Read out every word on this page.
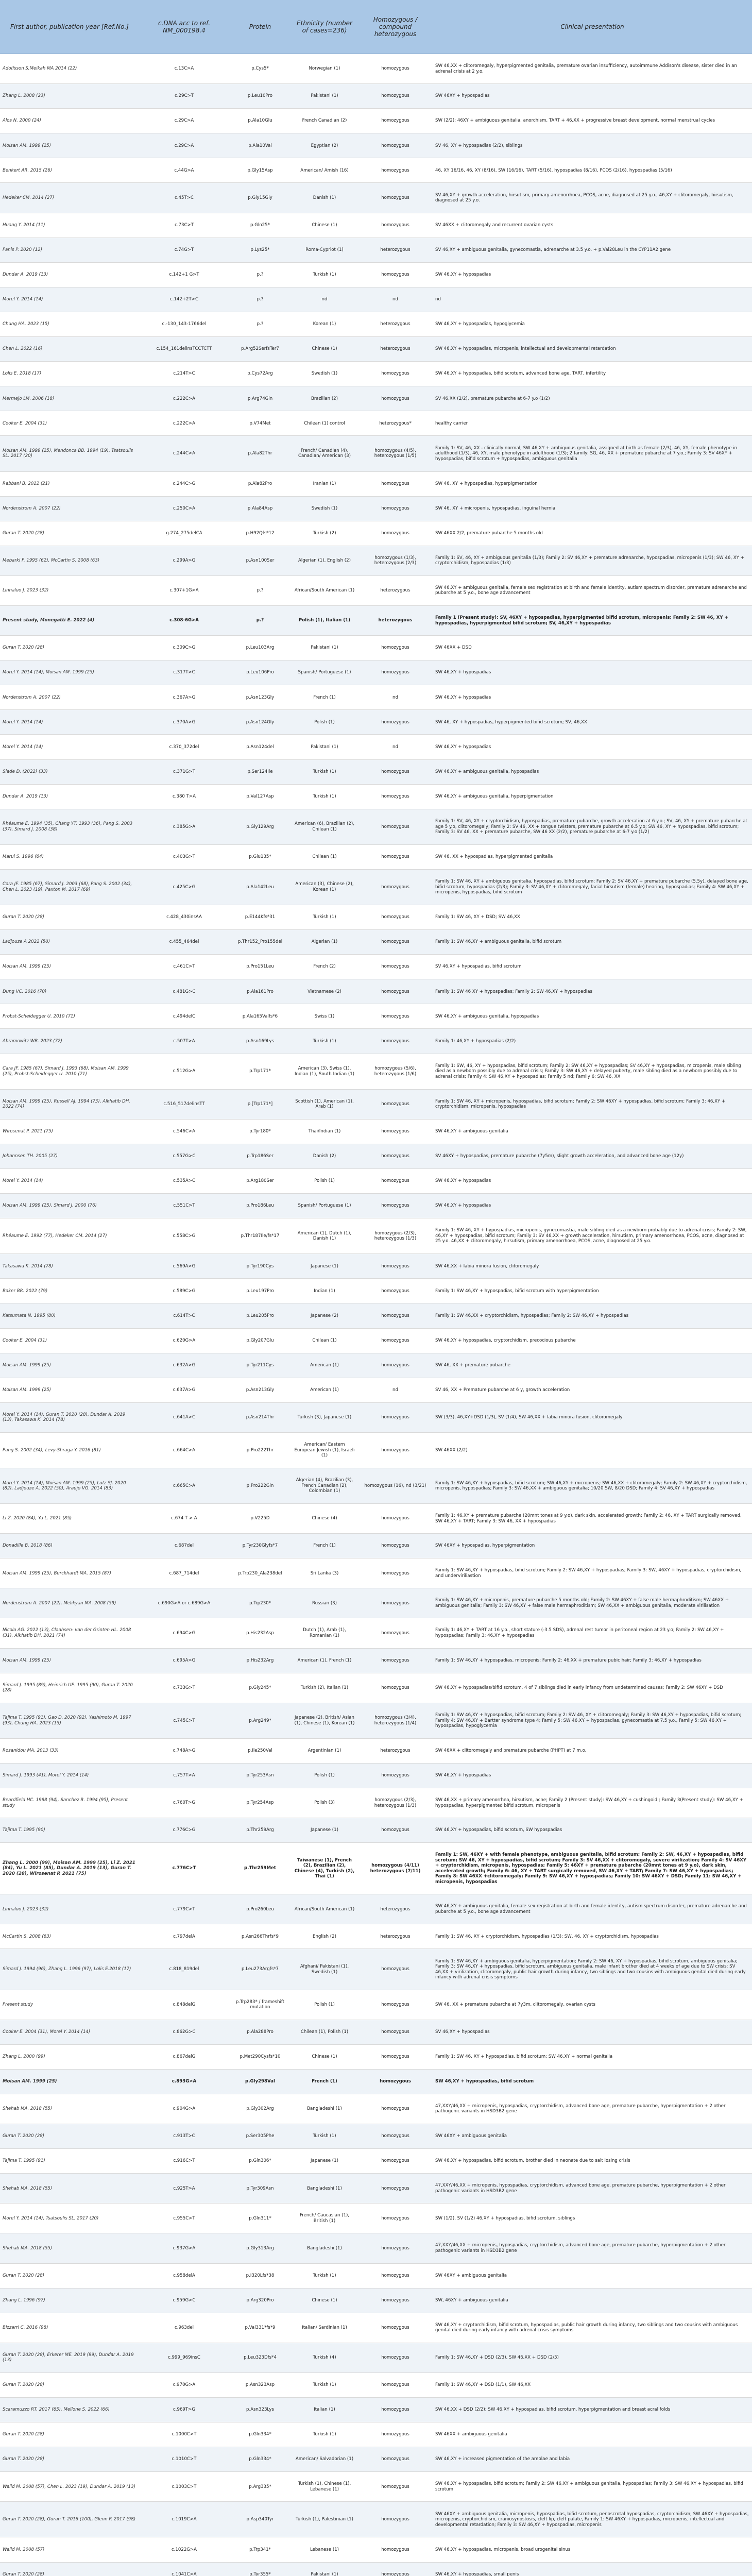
First author, publication year [Ref.No.]	c.DNA acc to ref. NM_000198.4	Protein	Ethnicity (number of cases=236)	Homozygous / compound heterozygous	Clinical presentation
Adolfsson S,Meikah MA 2014 (22)	c.13C>A	p.Cys5*	Norwegian (1)	homozygous	SW 46,XX + clitoromegaly, hyperpigmented genitalia, premature ovarian insufficiency, autoimmune Addison's disease, sister died in an adrenal crisis at 2 y.o.
Zhang L. 2008 (23)	c.29C>T	p.Leu10Pro	Pakistani (1)	homozygous	SW 46XY + hypospadias
Alos N. 2000 (24)	c.29C>A	p.Ala10Glu	French Canadian (2)	homozygous	SW (2/2); 46XY + ambiguous genitalia, anorchism, TART + 46,XX + progressive breast development, normal menstrual cycles
Moisan AM. 1999 (25)	c.29C>A	p.Ala10Val	Egyptian (2)	homozygous	SV 46, XY + hypospadias (2/2), siblings
Benkert AR. 2015 (26)	c.44G>A	p.Gly15Asp	American/ Amish (16)	homozygous	46, XY 16/16, 46, XY (8/16), SW (16/16), TART (5/16), hypospadias (8/16), PCOS (2/16), hypospadias (5/16)
Hedeker CM. 2014 (27)	c.45T>C	p.Gly15Gly	Danish (1)	homozygous	SV 46,XY + growth acceleration, hirsutism, primary amenorrhoea, PCOS, acne, diagnosed at 25 y.o., 46,XY + clitoromegaly, hirsutism, diagnosed at 25 y.o.
Huang Y. 2014 (11)	c.73C>T	p.Gln25*	Chinese (1)	homozygous	SV 46XX + clitoromegaly and recurrent ovarian cysts
Fanis P. 2020 (12)	c.74G>T	p.Lys25*	Roma-Cypriot (1)	heterozygous	SV 46,XY + ambiguous genitalia, gynecomastia, adrenarche at 3.5 y.o. + p.Val28Leu in the CYP11A2 gene
Dundar A. 2019 (13)	c.142+1 G>T	p.?	Turkish (1)	homozygous	SW 46,XY + hypospadias
Morel Y. 2014 (14)	c.142+2T>C	p.?	nd	nd	nd
Chung HA. 2023 (15)	c.-130_143-1766del	p.?	Korean (1)	heterozygous	SW 46,XY + hypospadias, hypoglycemia
Chen L. 2022 (16)	c.154_161delinsTCCTCTT	p.Arg52SerfsTer7	Chinese (1)	heterozygous	SW 46,XY + hypospadias, micropenis, intellectual and developmental retardation
Lolis E. 2018 (17)	c.214T>C	p.Cys72Arg	Swedish (1)	homozygous	SW 46,XY + hypospadias, bifid scrotum, advanced bone age, TART, infertility
Mermejo LM. 2006 (18)	c.222C>A	p.Arg74Gln	Brazilian (2)	homozygous	SV 46,XX (2/2), premature pubarche at 6-7 y.o (1/2)
Cooker E. 2004 (31)	c.222C>A	p.V74Met	Chilean (1) control	heterozygous*	healthy carrier
Moisan AM. 1999 (25), Mendonca BB. 1994 (19), Tsatsoulis SL. 2017 (20)	c.244C>A	p.Ala82Thr	French/ Canadian (4), Canadian/ American (3)	homozygous (4/5), heterozygous (1/5)	Family 1: SV, 46, XX - clinically normal; SW 46,XY + ambiguous genitalia, assigned at birth as female (2/3), 46, XY, female phenotype in adulthood (1/3), 46, XY, male phenotype in adulthood (1/3); 2 family: SG, 46, XX + premature pubarche at 7 y.o.; Family 3: SV 46XY + hypospadias, bifid scrotum + hypospadias, ambiguous genitalia
Rabbani B. 2012 (21)	c.244C>G	p.Ala82Pro	Iranian (1)	homozygous	SW 46, XY + hypospadias, hyperpigmentation
Nordenstrom A. 2007 (22)	c.250C>A	p.Ala84Asp	Swedish (1)	homozygous	SW 46, XY + micropenis, hypospadias, inguinal hernia
Guran T. 2020 (28)	g.274_275delCA	p.H92Qfs*12	Turkish (2)	homozygous	SW 46XX 2/2, premature pubarche 5 months old
Mebarki F. 1995 (62), McCartin S. 2008 (63)	c.299A>G	p.Asn100Ser	Algerian (1), English (2)	homozygous (1/3), heterozygous (2/3)	Family 1: SV, 46, XY + ambiguous genitalia (1/3); Family 2: SV 46,XY + premature adrenarche, hypospadias, micropenis (1/3); SW 46, XY + cryptorchidism, hypospadias (1/3)
Linnaluo J. 2023 (32)	c.307+1G>A	p.?	African/South American (1)	heterozygous	SW 46,XY + ambiguous genitalia, female sex registration at birth and female identity, autism spectrum disorder, premature adrenarche and pubarche at 5 y.o., bone age advancement
Present study, Monegatti E. 2022 (4)	c.308-6G>A	p.?	Polish (1), Italian (1)	heterozygous	Family 1 (Present study): SV, 46XY + hypospadias, hyperpigmented bifid scrotum, micropenis; Family 2: SW 46, XY + hypospadias, hyperpigmented bifid scrotum; SV, 46,XY + hypospadias
Guran T. 2020 (28)	c.309C>G	p.Leu103Arg	Pakistani (1)	homozygous	SW 46XX + DSD
Morel Y. 2014 (14), Moisan AM. 1999 (25)	c.317T>C	p.Leu106Pro	Spanish/ Portuguese (1)	homozygous	SW 46,XY + hypospadias
Nordenstrom A. 2007 (22)	c.367A>G	p.Asn123Gly	French (1)	nd	SW 46,XY + hypospadias
Morel Y. 2014 (14)	c.370A>G	p.Asn124Gly	Polish (1)	homozygous	SW 46, XY + hypospadias, hyperpigmented bifid scrotum; SV, 46,XX
Morel Y. 2014 (14)	c.370_372del	p.Asn124del	Pakistani (1)	nd	SW 46,XY + hypospadias
Slade D. (2022) (33)	c.371G>T	p.Ser124Ile	Turkish (1)	homozygous	SW 46,XY + ambiguous genitalia, hypospadias
Dundar A. 2019 (13)	c.380 T>A	p.Val127Asp	Turkish (1)	homozygous	SW 46,XY + ambiguous genitalia, hyperpigmentation
Rhéaume E. 1994 (35), Chang YT. 1993 (36), Pang S. 2003 (37), Simard J. 2008 (38)	c.385G>A	p.Gly129Arg	American (6), Brazilian (2), Chilean (1)	homozygous	Family 1: SV, 46, XY + cryptorchidism, hypospadias, premature pubarche, growth acceleration at 6 y.o.; SV, 46, XY + premature pubarche at age 5 y.o, clitoromegaly; Family 2: SV 46, XX + tongue twisters, premature pubarche at 6.5 y.o; SW 46, XY + hypospadias, bifid scrotum; Family 3: SV 46, XX + premature pubarche, SW 46 XX (2/2), premature pubarche at 6-7 y.o (1/2)
Marui S. 1996 (64)	c.403G>T	p.Glu135*	Chilean (1)	homozygous	SW 46, XX + hypospadias, hyperpigmented genitalia
Cara JF. 1985 (67), Simard J. 2003 (68), Pang S. 2002 (34), Chen L. 2023 (19), Paxton M. 2017 (69)	c.425C>G	p.Ala142Leu	American (3), Chinese (2), Korean (1)	homozygous	Family 1: SW 46, XY + ambiguous genitalia, hypospadias, bifid scrotum; Family 2: SV 46,XY + premature pubarche (5.5y), delayed bone age, bifid scrotum, hypospadias (2/3); Family 3: SV 46,XY + clitoromegaly, facial hirsutism (female) hearing, hypospadias; Family 4: SW 46,XY + micropenis, hypospadias, bifid scrotum
Guran T. 2020 (28)	c.428_430insAA	p.E144Kfs*31	Turkish (1)	homozygous	Family 1: SW 46, XY + DSD; SW 46,XX
Ladjouze A 2022 (50)	c.455_464del	p.Thr152_Pro155del	Algerian (1)	homozygous	Family 1: SW 46,XY + ambiguous genitalia, bifid scrotum
Moisan AM. 1999 (25)	c.461C>T	p.Pro151Leu	French (2)	homozygous	SV 46,XY + hypospadias, bifid scrotum
Dung VC. 2016 (70)	c.481G>C	p.Ala161Pro	Vietnamese (2)	homozygous	Family 1: SW 46 XY + hypospadias; Family 2: SW 46,XY + hypospadias
Probst-Scheidegger U. 2010 (71)	c.494delC	p.Ala165Valfs*6	Swiss (1)	homozygous	SW 46,XY + ambiguous genitalia, hypospadias
Abramowitz WB. 2023 (72)	c.507T>A	p.Asn169Lys	Turkish (1)	homozygous	Family 1: 46,XY + hypospadias (2/2)
Cara JF. 1985 (67), Simard J. 1993 (68), Moisan AM. 1999 (25), Probst-Scheidegger U. 2010 (71)	c.512G>A	p.Trp171*	American (3), Swiss (1), Indian (1), South Indian (1)	homozygous (5/6), heterozygous (1/6)	Family 1: SW, 46, XY + hypospadias, bifid scrotum; Family 2: SW 46,XY + hypospadias; SV 46,XY + hypospadias, micropenis, male sibling died as a newborn possibly due to adrenal crisis; Family 3: SW 46,XY + delayed puberty, male sibling died as a newborn possibly due to adrenal crisis; Family 4: SW 46,XY + hypospadias; Family 5 nd; Family 6: SW 46, XX
Moisan AM. 1999 (25), Russell AJ. 1994 (73), Alkhatib DH. 2022 (74)	c.516_517delinsTT	p.[Trp171*]	Scottish (1), American (1), Arab (1)	homozygous	Family 1: SW 46, XY + micropenis, hypospadias, bifid scrotum; Family 2: SW 46XY + hypospadias, bifid scrotum; Family 3: 46,XY + cryptorchidism, micropenis, hypospadias
Wirosenat P. 2021 (75)	c.546C>A	p.Tyr180*	Thai/Indian (1)	homozygous	SW 46,XY + ambiguous genitalia
Johannsen TH. 2005 (27)	c.557G>C	p.Trp186Ser	Danish (2)	homozygous	SV 46XY + hypospadias, premature pubarche (7y5m), slight growth acceleration, and advanced bone age (12y)
Morel Y. 2014 (14)	c.535A>C	p.Arg180Ser	Polish (1)	homozygous	SW 46,XY + hypospadias
Moisan AM. 1999 (25), Simard J. 2000 (76)	c.551C>T	p.Pro186Leu	Spanish/ Portuguese (1)	homozygous	SW 46,XY + hypospadias
Rhéaume E. 1992 (77), Hedeker CM. 2014 (27)	c.558C>G	p.Thr187Ile/fs*17	American (1), Dutch (1), Danish (1)	homozygous (2/3), heterozygous (1/3)	Family 1: SW 46, XY + hypospadias, micropenis, gynecomastia, male sibling died as a newborn probably due to adrenal crisis; Family 2: SW, 46,XY + hypospadias, bifid scrotum; Family 3: SV 46,XX + growth acceleration, hirsutism, primary amenorrhoea, PCOS, acne, diagnosed at 25 y.o. 46,XX + clitoromegaly, hirsutism, primary amenorrhoea, PCOS, acne, diagnosed at 25 y.o.
Takasawa K. 2014 (78)	c.569A>G	p.Tyr190Cys	Japanese (1)	homozygous	SW 46,XX + labia minora fusion, clitoromegaly
Baker BR. 2022 (79)	c.589C>G	p.Leu197Pro	Indian (1)	homozygous	Family 1: SW 46,XY + hypospadias, bifid scrotum with hyperpigmentation
Katsumata N. 1995 (80)	c.614T>C	p.Leu205Pro	Japanese (2)	homozygous	Family 1: SW 46,XX + cryptorchidism, hypospadias; Family 2: SW 46,XY + hypospadias
Cooker E. 2004 (31)	c.620G>A	p.Gly207Glu	Chilean (1)	homozygous	SW 46,XY + hypospadias, cryptorchidism, precocious pubarche
Moisan AM. 1999 (25)	c.632A>G	p.Tyr211Cys	American (1)	homozygous	SW 46, XX + premature pubarche
Moisan AM. 1999 (25)	c.637A>G	p.Asn213Gly	American (1)	nd	SV 46, XX + Premature pubarche at 6 y, growth acceleration
Morel Y. 2014 (14), Guran T. 2020 (28), Dundar A. 2019 (13), Takasawa K. 2014 (78)	c.641A>C	p.Asn214Thr	Turkish (3), Japanese (1)	homozygous	SW (3/3), 46,XY+DSD (1/3), SV (1/4), SW 46,XX + labia minora fusion, clitoromegaly
Pang S. 2002 (34), Levy-Shraga Y. 2016 (81)	c.664C>A	p.Pro222Thr	American/ Eastern European Jewish (1), Israeli (1)	homozygous	SW 46XX (2/2)
Morel Y. 2014 (14), Moisan AM. 1999 (25), Lutz SJ. 2020 (82), Ladjouze A. 2022 (50), Araujo VG. 2014 (83)	c.665C>A	p.Pro222Gln	Algerian (4), Brazilian (3), French Canadian (2), Colombian (1)	homozygous (16), nd (3/21)	Family 1: SW 46,XY + hypospadias, bifid scrotum; SW 46,XY + micropenis; SW 46,XX + clitoromegaly; Family 2: SW 46,XY + cryptorchidism, micropenis, hypospadias; Family 3: SW 46,XX + ambiguous genitalia; 10/20 SW, 8/20 DSD; Family 4: SV 46,XY + hypospadias
Li Z. 2020 (84), Yu L. 2021 (85)	c.674 T > A	p.V225D	Chinese (4)	homozygous	Family 1: 46,XY + premature pubarche (20mnt tones at 9 y.o), dark skin, accelerated growth; Family 2: 46, XY + TART surgically removed, SW 46,XY + TART; Family 3: SW 46, XX + hypospadias
Donadille B. 2018 (86)	c.687del	p.Tyr230Glyfs*7	French (1)	homozygous	SW 46XY + hypospadias, hyperpigmentation
Moisan AM. 1999 (25), Burckhardt MA. 2015 (87)	c.687_714del	p.Trp230_Ala238del	Sri Lanka (3)	homozygous	Family 1: SW 46,XY + hypospadias, bifid scrotum; Family 2: SW 46,XY + hypospadias; Family 3: SW, 46XY + hypospadias, cryptorchidism, and underviriliastion
Nordenstrom A. 2007 (22), Melikyan MA. 2008 (59)	c.690G>A or c.689G>A	p.Trp230*	Russian (3)	homozygous	Family 1: SW 46,XY + micropenis, premature pubarche 5 months old; Family 2: SW 46XY + false male hermaphroditism; SW 46XX + ambiguous genitalia; Family 3: SW 46,XY + false male hermaphroditism; SW 46,XX + ambiguous genitalia, moderate virilisation
Nicola AG. 2022 (13), Claahsen- van der Grinten HL. 2008 (31), Alkhatib DH. 2021 (74)	c.694C>G	p.His232Asp	Dutch (1), Arab (1), Romanian (1)	homozygous	Family 1: 46,XY + TART at 16 y.o., short stature (-3.5 SDS), adrenal rest tumor in peritoneal region at 23 y.o; Family 2: SW 46,XY + hypospadias; Family 3: 46,XY + hypospadias
Moisan AM. 1999 (25)	c.695A>G	p.His232Arg	American (1), French (1)	homozygous	Family 1: SW 46,XY + hypospadias, micropenis; Family 2: 46,XX + premature pubic hair; Family 3: 46,XY + hypospadias
Simard J. 1995 (89), Heinrich UE. 1995 (90), Guran T. 2020 (28)	c.733G>T	p.Gly245*	Turkish (2), Italian (1)	homozygous	SW 46,XY + hypospadias/bifid scrotum, 4 of 7 siblings died in early infancy from undetermined causes; Family 2: SW 46XY + DSD
Tajima T. 1995 (91), Gao D. 2020 (92), Yashimoto M. 1997 (93), Chung HA. 2023 (15)	c.745C>T	p.Arg249*	Japanese (2), British/ Asian (1), Chinese (1), Korean (1)	homozygous (3/4), heterozygous (1/4)	Family 1: SW 46,XY + hypospadias, bifid scrotum; Family 2: SW 46, XY + clitoromegaly; Family 3: SW 46,XY + hypospadias, bifid scrotum; Family 4: SW 46,XY + Bartter syndrome type 4; Family 5: SW 46,XY + hypospadias, gynecomastia at 7.5 y.o., Family 5: SW 46,XY + hypospadias, hypoglycemia
Rosanidou MA. 2013 (33)	c.748A>G	p.Ile250Val	Argentinian (1)	heterozygous	SW 46XX + clitoromegaly and premature pubarche (PHPT) at 7 m.o.
Simard J. 1993 (41), Morel Y. 2014 (14)	c.757T>A	p.Tyr253Asn	Polish (1)	homozygous	SW 46,XY + hypospadias
Beardfield HC. 1998 (94), Sanchez R. 1994 (95), Present study	c.760T>G	p.Tyr254Asp	Polish (3)	homozygous (2/3), heterozygous (1/3)	SW 46,XX + primary amenorrhea, hirsutism, acne; Family 2 (Present study): SW 46,XY + cushingoid ; Family 3(Present study): SW 46,XY + hypospadias, hyperpigmented bifid scrotum, micropenis
Tajima T. 1995 (90)	c.776C>G	p.Thr259Arg	Japanese (1)	homozygous	SW 46,XY + hypospadias, bifid scrotum, SW hypospadias
Zhang L. 2000 (99), Moisan AM. 1999 (25), Li Z. 2021 (84), Yu L. 2021 (85), Dundar A. 2019 (13), Guran T. 2020 (28), Wirosenat P. 2021 (75)	c.776C>T	p.Thr259Met	Taiwanese (1), French (2), Brazilian (2), Chinese (4), Turkish (2), Thai (1)	homozygous (4/11) heterozygous (7/11)	Family 1: SW, 46XY + with female phenotype, ambiguous genitalia, bifid scrotum; Family 2: SW, 46,XY + hypospadias, bifid scrotum; SW 46, XY + hypospadias, bifid scrotum; Family 3: SV 46,XX + clitoromegaly, severe virilization; Family 4: SV 46XY + cryptorchidism, micropenis, hypospadias; Family 5: 46XY + premature pubarche (20mnt tones at 9 y.o), dark skin, accelerated growth; Family 6: 46, XY + TART surgically removed, SW 46,XY + TART; Family 7: SW 46,XY + hypospadias; Family 8: SW 46XX +clitoromegaly; Family 9: SW 46,XY + hypospadias; Family 10: SW 46XY + DSD; Family 11: SW 46,XY + micropenis, hypospadias
Linnaluo J. 2023 (32)	c.779C>T	p.Pro260Leu	African/South American (1)	heterozygous	SW 46,XY + ambiguous genitalia, female sex registration at birth and female identity, autism spectrum disorder, premature adrenarche and pubarche at 5 y.o., bone age advancement
McCartin S. 2008 (63)	c.797delA	p.Asn266Thrfs*9	English (2)	heterozygous	Family 1: SW 46, XY + cryptorchidism, hypospadias (1/3); SW, 46, XY + cryptorchidism, hypospadias
Simard J. 1994 (96), Zhang L. 1996 (97), Lolis E.2018 (17)	c.818_819del	p.Leu273Argfs*7	Afghani/ Pakistani (1), Swedish (1)	homozygous	Family 1: SW 46,XY + ambiguous genitalia, hyperpigmentation; Family 2: SW 46, XY + hypospadias, bifid scrotum, ambiguous genitalia; Family 3: SW 46,XY + hypospadias, bifid scrotum, ambiguous genitalia, male infant brother died at 4 weeks of age due to SW crisis; SV 46,XX + virilization, clitoromegaly, public hair growth during infancy, two siblings and two cousins with ambiguous genital died during early infancy with adrenal crisis symptoms
Present study	c.848delG	p.Trp283* / frameshift mutation	Polish (1)	homozygous	SW 46, XX + premature pubarche at 7y3m, clitoromegaly, ovarian cysts
Cooker E. 2004 (31), Morel Y. 2014 (14)	c.862G>C	p.Ala288Pro	Chilean (1), Polish (1)	homozygous	SV 46,XY + hypospadias
Zhang L. 2000 (99)	c.867delG	p.Met290Cysfs*10	Chinese (1)	homozygous	Family 1: SW 46, XY + hypospadias, bifid scrotum; SW 46,XY + normal genitalia
Moisan AM. 1999 (25)	c.893G>A	p.Gly298Val	French (1)	homozygous	SW 46,XY + hypospadias, bifid scrotum
Shehab MA. 2018 (55)	c.904G>A	p.Gly302Arg	Bangladeshi (1)	homozygous	47,XXY/46,XX + micropenis, hypospadias, cryptorchidism, advanced bone age, premature pubarche, hyperpigmentation + 2 other pathogenic variants in HSD3B2 gene
Guran T. 2020 (28)	c.913T>C	p.Ser305Phe	Turkish (1)	homozygous	SW 46XY + ambiguous genitalia
Tajima T. 1995 (91)	c.916C>T	p.Gln306*	Japanese (1)	homozygous	SW 46,XY + hypospadias, bifid scrotum, brother died in neonate due to salt losing crisis
Shehab MA. 2018 (55)	c.925T>A	p.Tyr309Asn	Bangladeshi (1)	homozygous	47,XXY/46,XX + micropenis, hypospadias, cryptorchidism, advanced bone age, premature pubarche, hyperpigmentation + 2 other pathogenic variants in HSD3B2 gene
Morel Y. 2014 (14), Tsatsoulis SL. 2017 (20)	c.955C>T	p.Gln311*	French/ Caucasian (1), British (1)	homozygous	SW (1/2), SV (1/2) 46,XY + hypospadias, bifid scrotum, siblings
Shehab MA. 2018 (55)	c.937G>A	p.Gly313Arg	Bangladeshi (1)	homozygous	47,XXY/46,XX + micropenis, hypospadias, cryptorchidism, advanced bone age, premature pubarche, hyperpigmentation + 2 other pathogenic variants in HSD3B2 gene
Guran T. 2020 (28)	c.958delA	p.I320Lfs*38	Turkish (1)	homozygous	SW 46XY + ambiguous genitalia
Zhang L. 1996 (97)	c.959G>C	p.Arg320Pro	Chinese (1)	homozygous	SW, 46XY + ambiguous genitalia
Bizzarri C. 2016 (98)	c.963del	p.Val331*fs*9	Italian/ Sardinian (1)	homozygous	SW 46,XY + cryptorchidism, bifid scrotum, hypospadias, public hair growth during infancy, two siblings and two cousins with ambiguous genital died during early infancy with adrenal crisis symptoms
Guran T. 2020 (28), Erkerer ME. 2019 (99), Dundar A. 2019 (13)	c.999_969insC	p.Leu323Dfs*4	Turkish (4)	homozygous	Family 1: SW 46,XY + DSD (2/3), SW 46,XX + DSD (2/3)
Guran T. 2020 (28)	c.970G>A	p.Asn323Asp	Turkish (1)	homozygous	Family 1: SW 46,XY + DSD (1/1), SW 46,XX
Scaramuzzo RT. 2017 (65), Mellone S. 2022 (66)	c.969T>G	p.Asn323Lys	Italian (1)	homozygous	SW 46,XX + DSD (2/2); SW 46,XY + hypospadias, bifid scrotum, hyperpigmentation and breast acral folds
Guran T. 2020 (28)	c.1000C>T	p.Gln334*	Turkish (1)	homozygous	SW 46XX + ambiguous genitalia
Guran T. 2020 (28)	c.1010C>T	p.Gln334*	American/ Salvadorian (1)	homozygous	SW 46,XY + increased pigmentation of the areolae and labia
Walid M. 2008 (57), Chen L. 2023 (19), Dundar A. 2019 (13)	c.1003C>T	p.Arg335*	Turkish (1), Chinese (1), Lebanese (1)	homozygous	SW 46,XY + hypospadias, bifid scrotum; Family 2: SW 46,XY + ambiguous genitalia, hypospadias; Family 3: SW 46,XY + hypospadias, bifid scrotum
Guran T. 2020 (28), Guran T. 2016 (100), Glenn P. 2017 (98)	c.1019C>A	p.Asp340Tyr	Turkish (1), Palestinian (1)	homozygous	SW 46XY + ambiguous genitalia, micropenis, hypospadias, bifid scrotum, penoscrotal hypospadias, cryptorchidism; SW 46XY + hypospadias, micropenis, cryptorchidism, craniosynostosis, cleft lip, cleft palate, Family 1: SW 46XY + hypospadias, micropenis, intellectual and developmental retardation; Family 3: SW 46,XY + hypospadias, micropenis
Walid M. 2008 (57)	c.1022G>A	p.Trp341*	Lebanese (1)	homozygous	SW 46,XY + hypospadias, micropenis, broad urogenital sinus
Guran T. 2020 (28)	c.1041C>A	p.Tyr355*	Pakistani (1)	homozygous	SW 46,XY + hypospadias, small penis
